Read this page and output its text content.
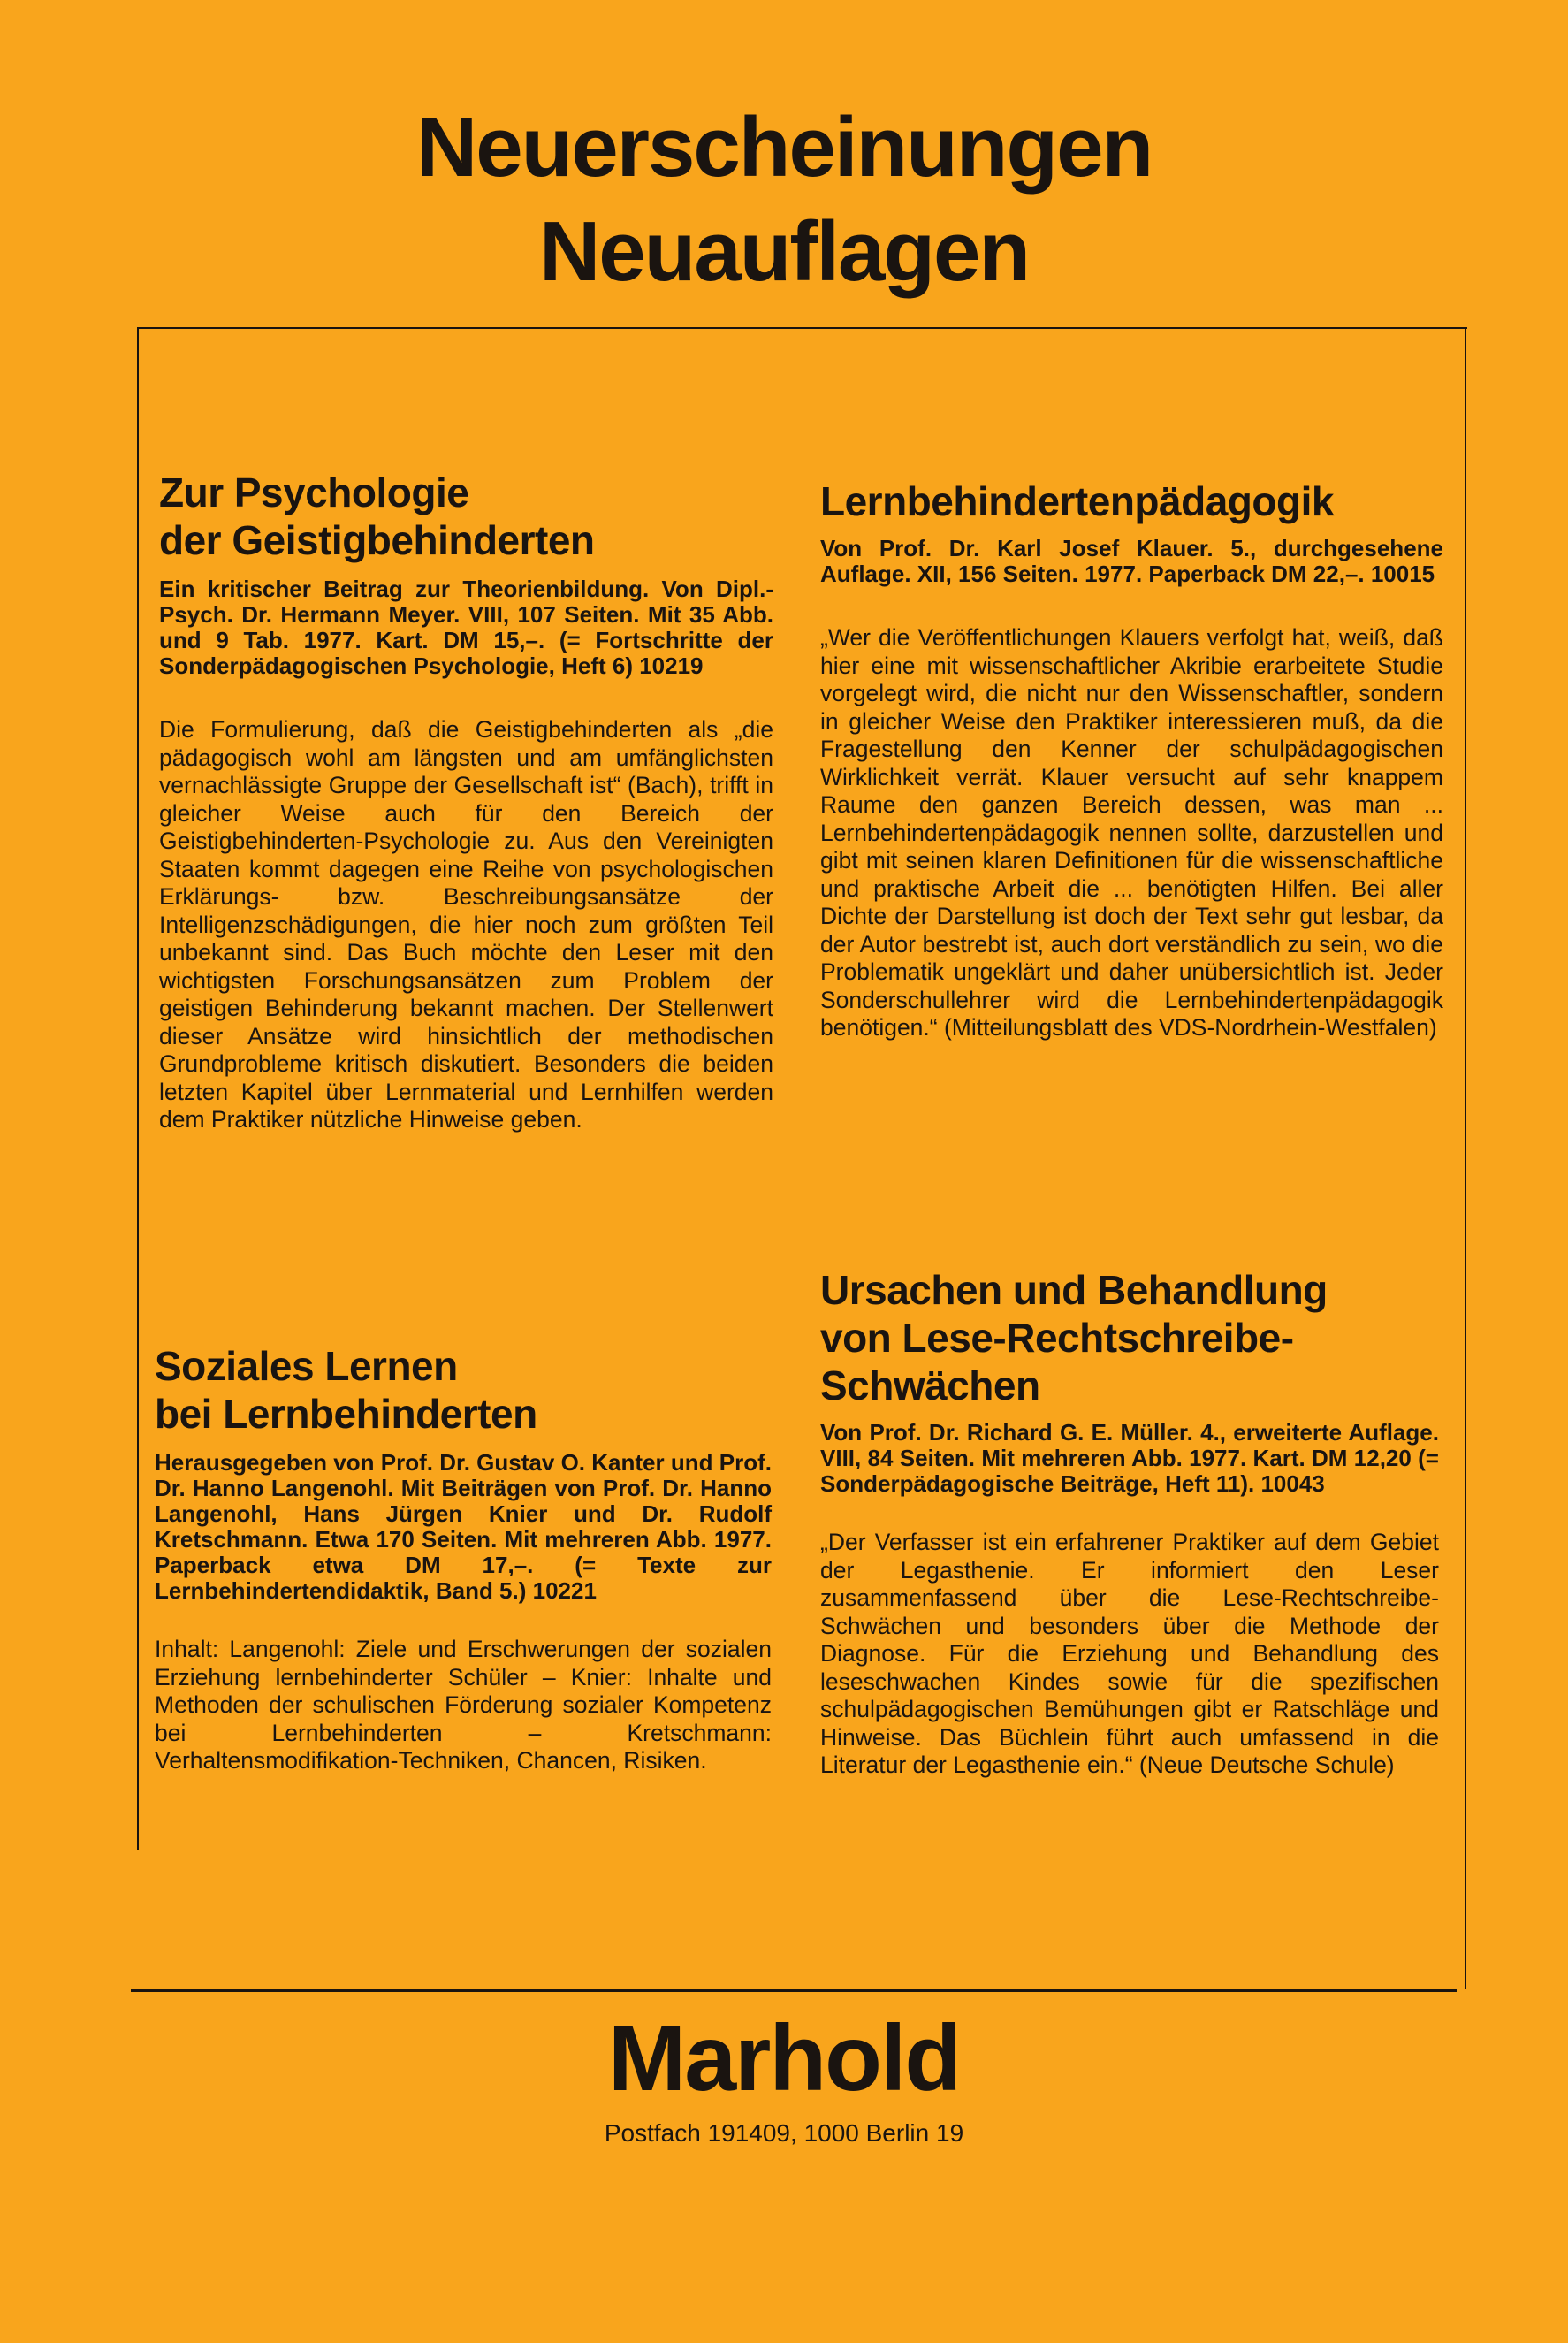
Neuerscheinungen
Neuauflagen
Zur Psychologie
der Geistigbehinderten

Ein kritischer Beitrag zur Theorienbildung. Von Dipl.-Psych. Dr. Hermann Meyer. VIII, 107 Seiten. Mit 35 Abb. und 9 Tab. 1977. Kart. DM 15,–. (= Fortschritte der Sonderpädagogischen Psychologie, Heft 6) 10219

Die Formulierung, daß die Geistigbehinderten als „die pädagogisch wohl am längsten und am umfänglichsten vernachlässigte Gruppe der Gesellschaft ist“ (Bach), trifft in gleicher Weise auch für den Bereich der Geistigbehinderten-Psychologie zu. Aus den Vereinigten Staaten kommt dagegen eine Reihe von psychologischen Erklärungs- bzw. Beschreibungsansätze der Intelligenzschädigungen, die hier noch zum größten Teil unbekannt sind. Das Buch möchte den Leser mit den wichtigsten Forschungsansätzen zum Problem der geistigen Behinderung bekannt machen. Der Stellenwert dieser Ansätze wird hinsichtlich der methodischen Grundprobleme kritisch diskutiert. Besonders die beiden letzten Kapitel über Lernmaterial und Lernhilfen werden dem Praktiker nützliche Hinweise geben.

Lernbehindertenpädagogik

Von Prof. Dr. Karl Josef Klauer. 5., durchgesehene Auflage. XII, 156 Seiten. 1977. Paperback DM 22,–. 10015

„Wer die Veröffentlichungen Klauers verfolgt hat, weiß, daß hier eine mit wissenschaftlicher Akribie erarbeitete Studie vorgelegt wird, die nicht nur den Wissenschaftler, sondern in gleicher Weise den Praktiker interessieren muß, da die Fragestellung den Kenner der schulpädagogischen Wirklichkeit verrät. Klauer versucht auf sehr knappem Raume den ganzen Bereich dessen, was man ... Lernbehindertenpädagogik nennen sollte, darzustellen und gibt mit seinen klaren Definitionen für die wissenschaftliche und praktische Arbeit die ... benötigten Hilfen. Bei aller Dichte der Darstellung ist doch der Text sehr gut lesbar, da der Autor bestrebt ist, auch dort verständlich zu sein, wo die Problematik ungeklärt und daher unübersichtlich ist. Jeder Sonderschullehrer wird die Lernbehindertenpädagogik benötigen.“ (Mitteilungsblatt des VDS-Nordrhein-Westfalen)

Soziales Lernen
bei Lernbehinderten

Herausgegeben von Prof. Dr. Gustav O. Kanter und Prof. Dr. Hanno Langenohl. Mit Beiträgen von Prof. Dr. Hanno Langenohl, Hans Jürgen Knier und Dr. Rudolf Kretschmann. Etwa 170 Seiten. Mit mehreren Abb. 1977. Paperback etwa DM 17,–. (= Texte zur Lernbehindertendidaktik, Band 5.) 10221

Inhalt: Langenohl: Ziele und Erschwerungen der sozialen Erziehung lernbehinderter Schüler – Knier: Inhalte und Methoden der schulischen Förderung sozialer Kompetenz bei Lernbehinderten – Kretschmann: Verhaltensmodifikation-Techniken, Chancen, Risiken.

Ursachen und Behandlung
von Lese-Rechtschreibe-
Schwächen

Von Prof. Dr. Richard G. E. Müller. 4., erweiterte Auflage. VIII, 84 Seiten. Mit mehreren Abb. 1977. Kart. DM 12,20 (= Sonderpädagogische Beiträge, Heft 11). 10043

„Der Verfasser ist ein erfahrener Praktiker auf dem Gebiet der Legasthenie. Er informiert den Leser zusammenfassend über die Lese-Rechtschreibe-Schwächen und besonders über die Methode der Diagnose. Für die Erziehung und Behandlung des leseschwachen Kindes sowie für die spezifischen schulpädagogischen Bemühungen gibt er Ratschläge und Hinweise. Das Büchlein führt auch umfassend in die Literatur der Legasthenie ein.“ (Neue Deutsche Schule)

Marhold
Postfach 191409, 1000 Berlin 19
